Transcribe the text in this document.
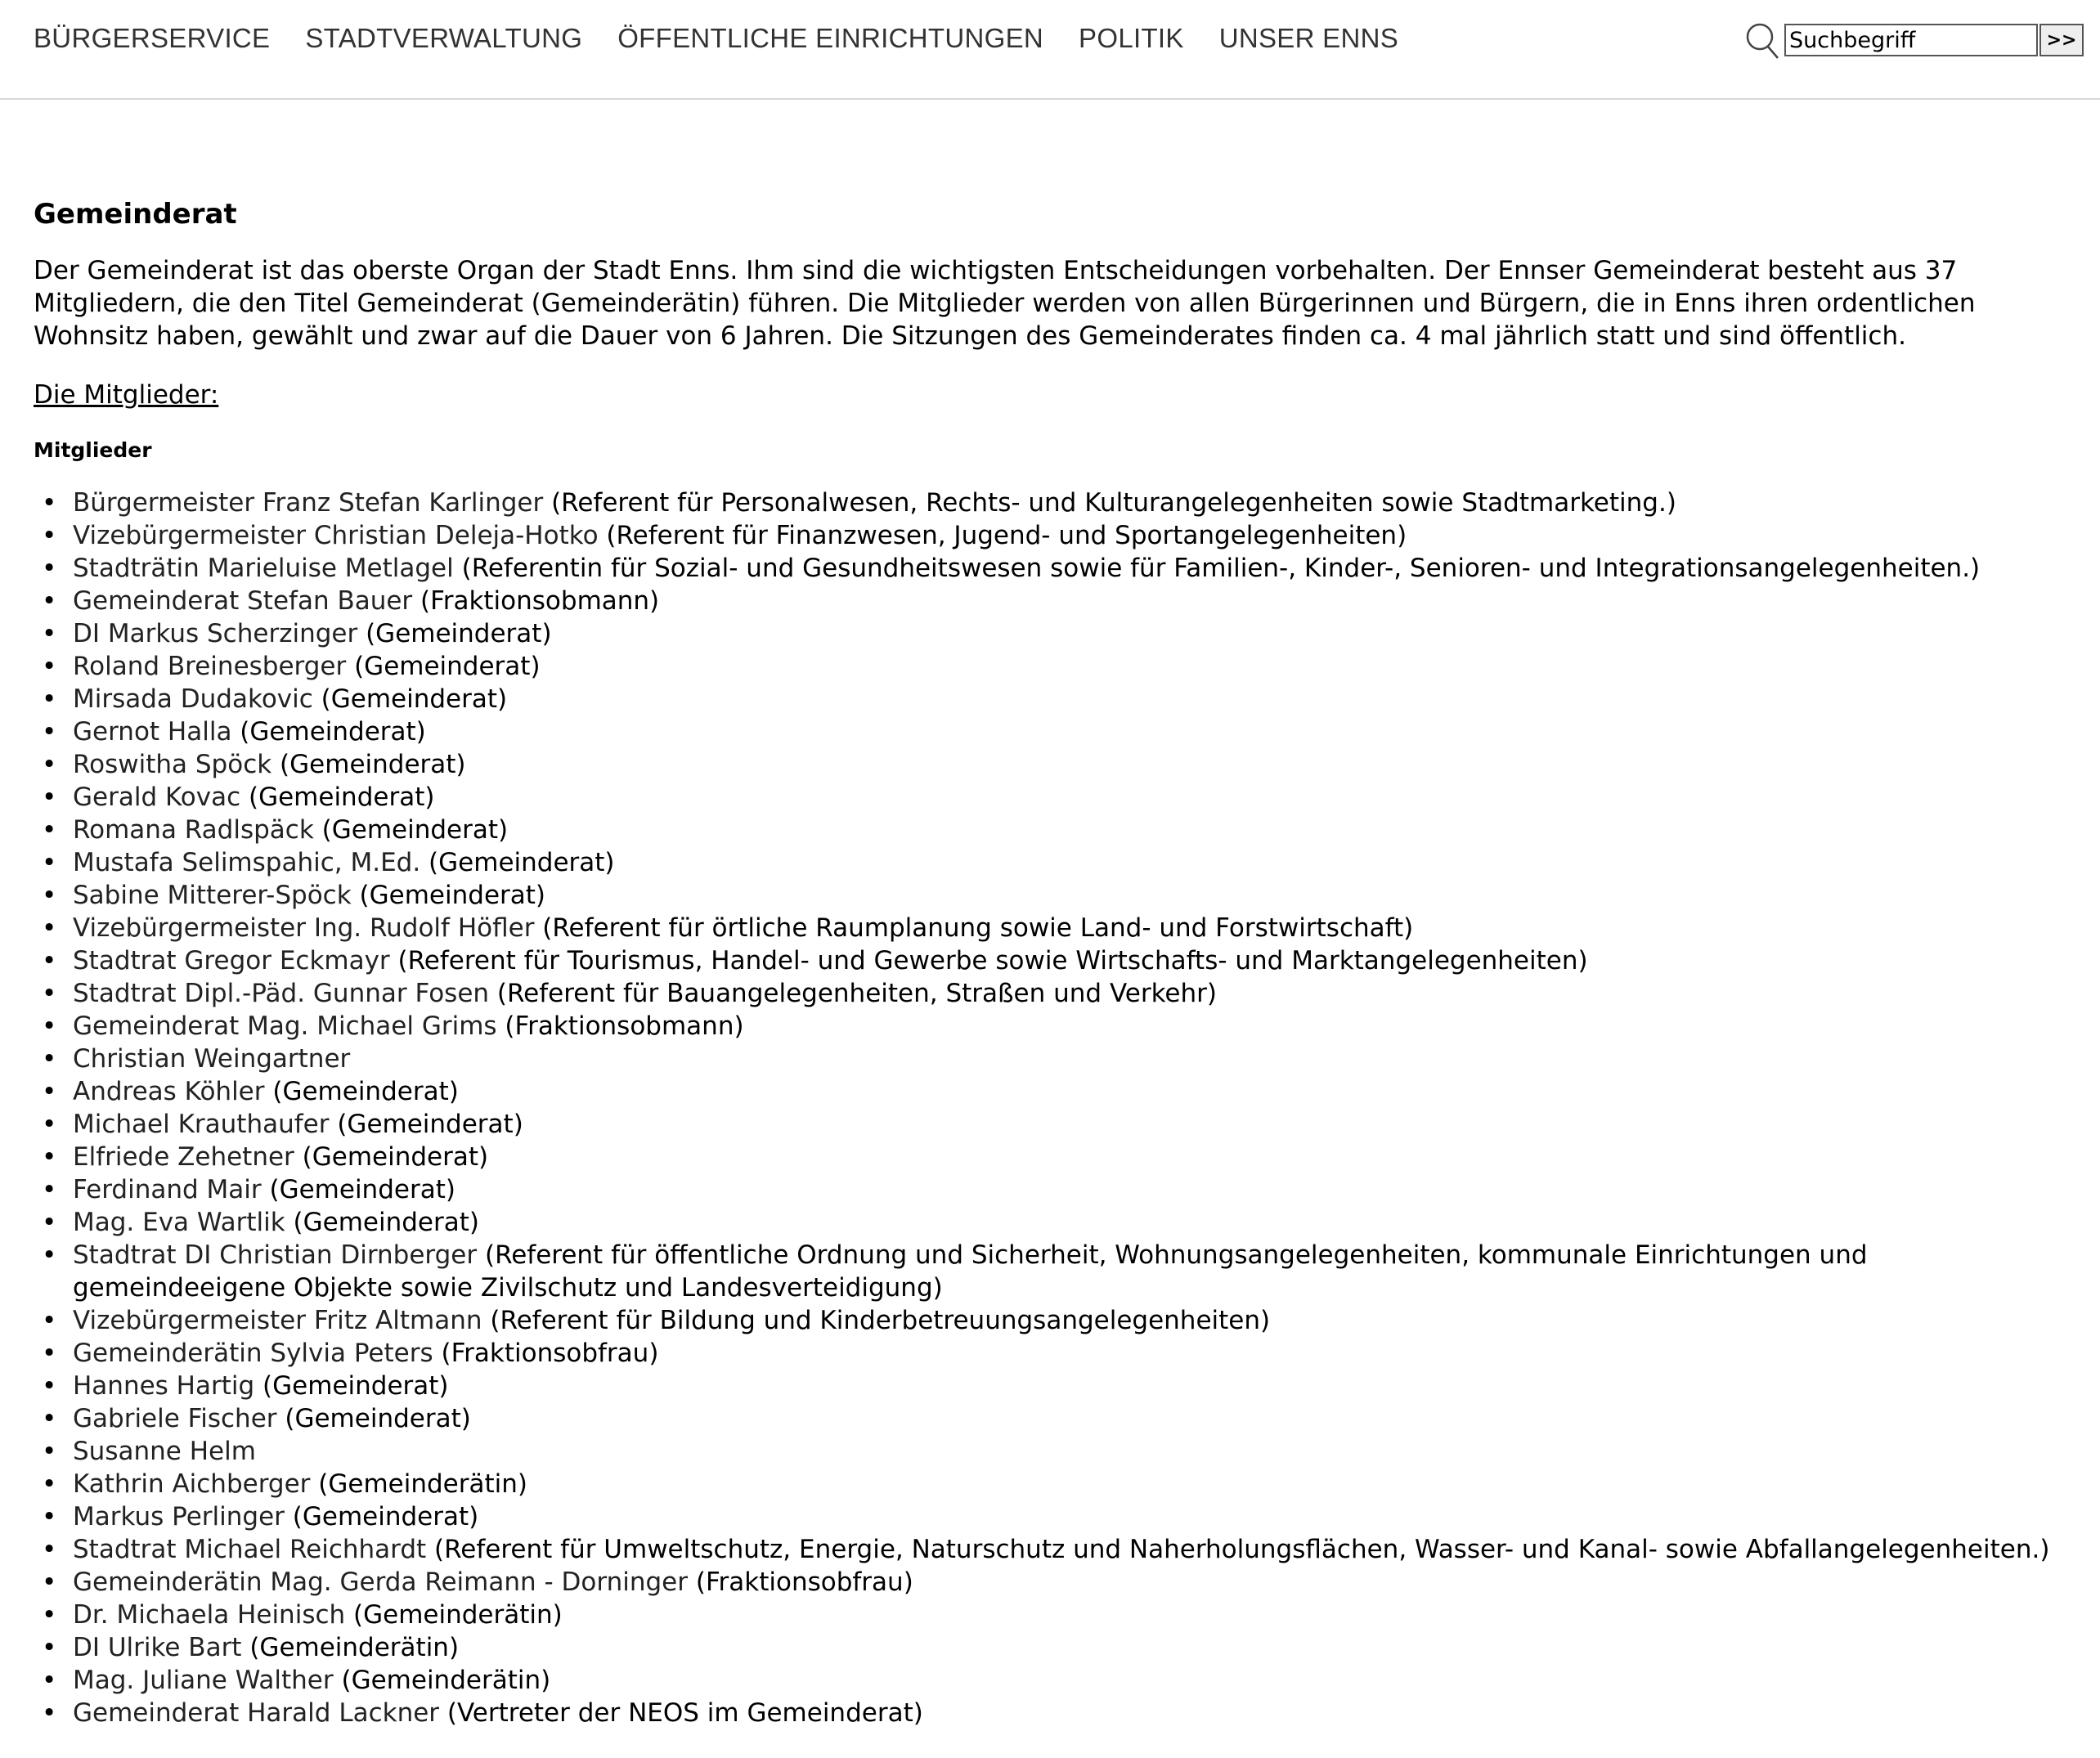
BÜRGERSERVICE STADTVERWALTUNG ÖFFENTLICHE EINRICHTUNGEN POLITIK UNSER ENNS
Suchbegriff	>>
Gemeinderat

Der Gemeinderat ist das oberste Organ der Stadt Enns. Ihm sind die wichtigsten Entscheidungen vorbehalten. Der Ennser Gemeinderat besteht aus 37 Mitgliedern, die den Titel Gemeinderat (Gemeinderätin) führen. Die Mitglieder werden von allen Bürgerinnen und Bürgern, die in Enns ihren ordentlichen Wohnsitz haben, gewählt und zwar auf die Dauer von 6 Jahren. Die Sitzungen des Gemeinderates finden ca. 4 mal jährlich statt und sind öffentlich.

Die Mitglieder:
Mitglieder
• Bürgermeister Franz Stefan Karlinger (Referent für Personalwesen, Rechts- und Kulturangelegenheiten sowie Stadtmarketing.)
• Vizebürgermeister Christian Deleja-Hotko (Referent für Finanzwesen, Jugend- und Sportangelegenheiten)
• Stadträtin Marieluise Metlagel (Referentin für Sozial- und Gesundheitswesen sowie für Familien-, Kinder-, Senioren- und Integrationsangelegenheiten.)
• Gemeinderat Stefan Bauer (Fraktionsobmann)
• DI Markus Scherzinger (Gemeinderat)
• Roland Breinesberger (Gemeinderat)
• Mirsada Dudakovic (Gemeinderat)
• Gernot Halla (Gemeinderat)
• Roswitha Spöck (Gemeinderat)
• Gerald Kovac (Gemeinderat)
• Romana Radlspäck (Gemeinderat)
• Mustafa Selimspahic, M.Ed. (Gemeinderat)
• Sabine Mitterer-Spöck (Gemeinderat)
• Vizebürgermeister Ing. Rudolf Höfler (Referent für örtliche Raumplanung sowie Land- und Forstwirtschaft)
• Stadtrat Gregor Eckmayr (Referent für Tourismus, Handel- und Gewerbe sowie Wirtschafts- und Marktangelegenheiten)
• Stadtrat Dipl.-Päd. Gunnar Fosen (Referent für Bauangelegenheiten, Straßen und Verkehr)
• Gemeinderat Mag. Michael Grims (Fraktionsobmann)
• Christian Weingartner
• Andreas Köhler (Gemeinderat)
• Michael Krauthaufer (Gemeinderat)
• Elfriede Zehetner (Gemeinderat)
• Ferdinand Mair (Gemeinderat)
• Mag. Eva Wartlik (Gemeinderat)
• Stadtrat DI Christian Dirnberger (Referent für öffentliche Ordnung und Sicherheit, Wohnungsangelegenheiten, kommunale Einrichtungen und gemeindeeigene Objekte sowie Zivilschutz und Landesverteidigung)
• Vizebürgermeister Fritz Altmann (Referent für Bildung und Kinderbetreuungsangelegenheiten)
• Gemeinderätin Sylvia Peters (Fraktionsobfrau)
• Hannes Hartig (Gemeinderat)
• Gabriele Fischer (Gemeinderat)
• Susanne Helm
• Kathrin Aichberger (Gemeinderätin)
• Markus Perlinger (Gemeinderat)
• Stadtrat Michael Reichhardt (Referent für Umweltschutz, Energie, Naturschutz und Naherholungsflächen, Wasser- und Kanal- sowie Abfallangelegenheiten.)
• Gemeinderätin Mag. Gerda Reimann - Dorninger (Fraktionsobfrau)
• Dr. Michaela Heinisch (Gemeinderätin)
• DI Ulrike Bart (Gemeinderätin)
• Mag. Juliane Walther (Gemeinderätin)
• Gemeinderat Harald Lackner (Vertreter der NEOS im Gemeinderat)
